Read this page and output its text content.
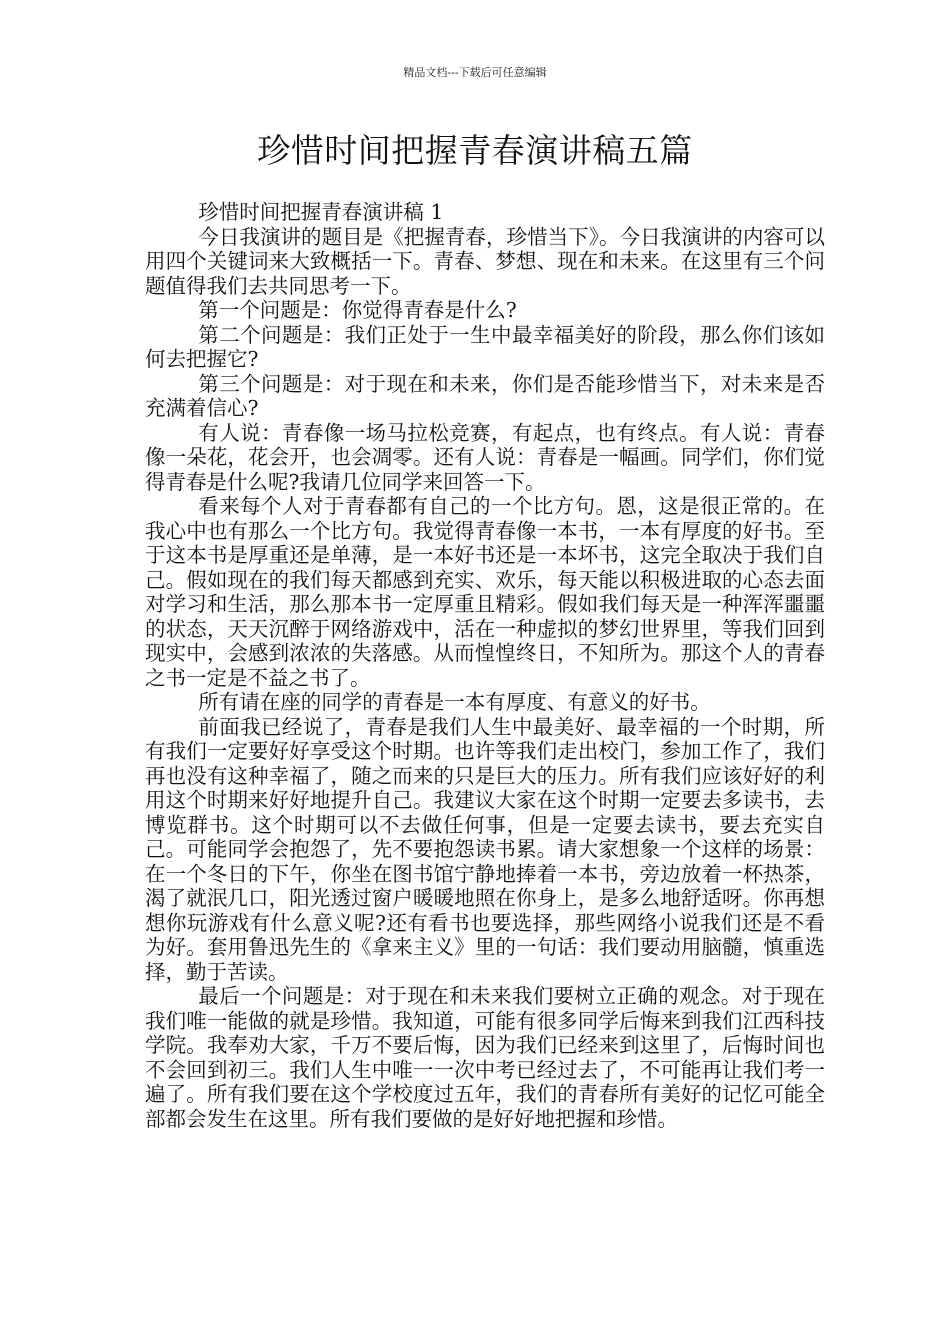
精品文档---下载后可任意编辑
珍惜时间把握青春演讲稿五篇

珍惜时间把握青春演讲稿 1

今日我演讲的题目是《把握青春，珍惜当下》。今日我演讲的内容可以用四个关键词来大致概括一下。青春、梦想、现在和未来。在这里有三个问题值得我们去共同思考一下。

第一个问题是：你觉得青春是什么?

第二个问题是：我们正处于一生中最幸福美好的阶段，那么你们该如何去把握它?

第三个问题是：对于现在和未来，你们是否能珍惜当下，对未来是否充满着信心?

有人说：青春像一场马拉松竞赛，有起点，也有终点。有人说：青春像一朵花，花会开，也会凋零。还有人说：青春是一幅画。同学们，你们觉得青春是什么呢?我请几位同学来回答一下。

看来每个人对于青春都有自己的一个比方句。恩，这是很正常的。在我心中也有那么一个比方句。我觉得青春像一本书，一本有厚度的好书。至于这本书是厚重还是单薄，是一本好书还是一本坏书，这完全取决于我们自己。假如现在的我们每天都感到充实、欢乐，每天能以积极进取的心态去面对学习和生活，那么那本书一定厚重且精彩。假如我们每天是一种浑浑噩噩的状态，天天沉醉于网络游戏中，活在一种虚拟的梦幻世界里，等我们回到现实中，会感到浓浓的失落感。从而惶惶终日，不知所为。那这个人的青春之书一定是不益之书了。

所有请在座的同学的青春是一本有厚度、有意义的好书。

前面我已经说了，青春是我们人生中最美好、最幸福的一个时期，所有我们一定要好好享受这个时期。也许等我们走出校门，参加工作了，我们再也没有这种幸福了，随之而来的只是巨大的压力。所有我们应该好好的利用这个时期来好好地提升自己。我建议大家在这个时期一定要去多读书，去博览群书。这个时期可以不去做任何事，但是一定要去读书，要去充实自己。可能同学会抱怨了，先不要抱怨读书累。请大家想象一个这样的场景：在一个冬日的下午，你坐在图书馆宁静地捧着一本书，旁边放着一杯热茶，渴了就泯几口，阳光透过窗户暖暖地照在你身上，是多么地舒适呀。你再想想你玩游戏有什么意义呢?还有看书也要选择，那些网络小说我们还是不看为好。套用鲁迅先生的《拿来主义》里的一句话：我们要动用脑髓，慎重选择，勤于苦读。

最后一个问题是：对于现在和未来我们要树立正确的观念。对于现在我们唯一能做的就是珍惜。我知道，可能有很多同学后悔来到我们江西科技学院。我奉劝大家，千万不要后悔，因为我们已经来到这里了，后悔时间也不会回到初三。我们人生中唯一一次中考已经过去了，不可能再让我们考一遍了。所有我们要在这个学校度过五年，我们的青春所有美好的记忆可能全部都会发生在这里。所有我们要做的是好好地把握和珍惜。
